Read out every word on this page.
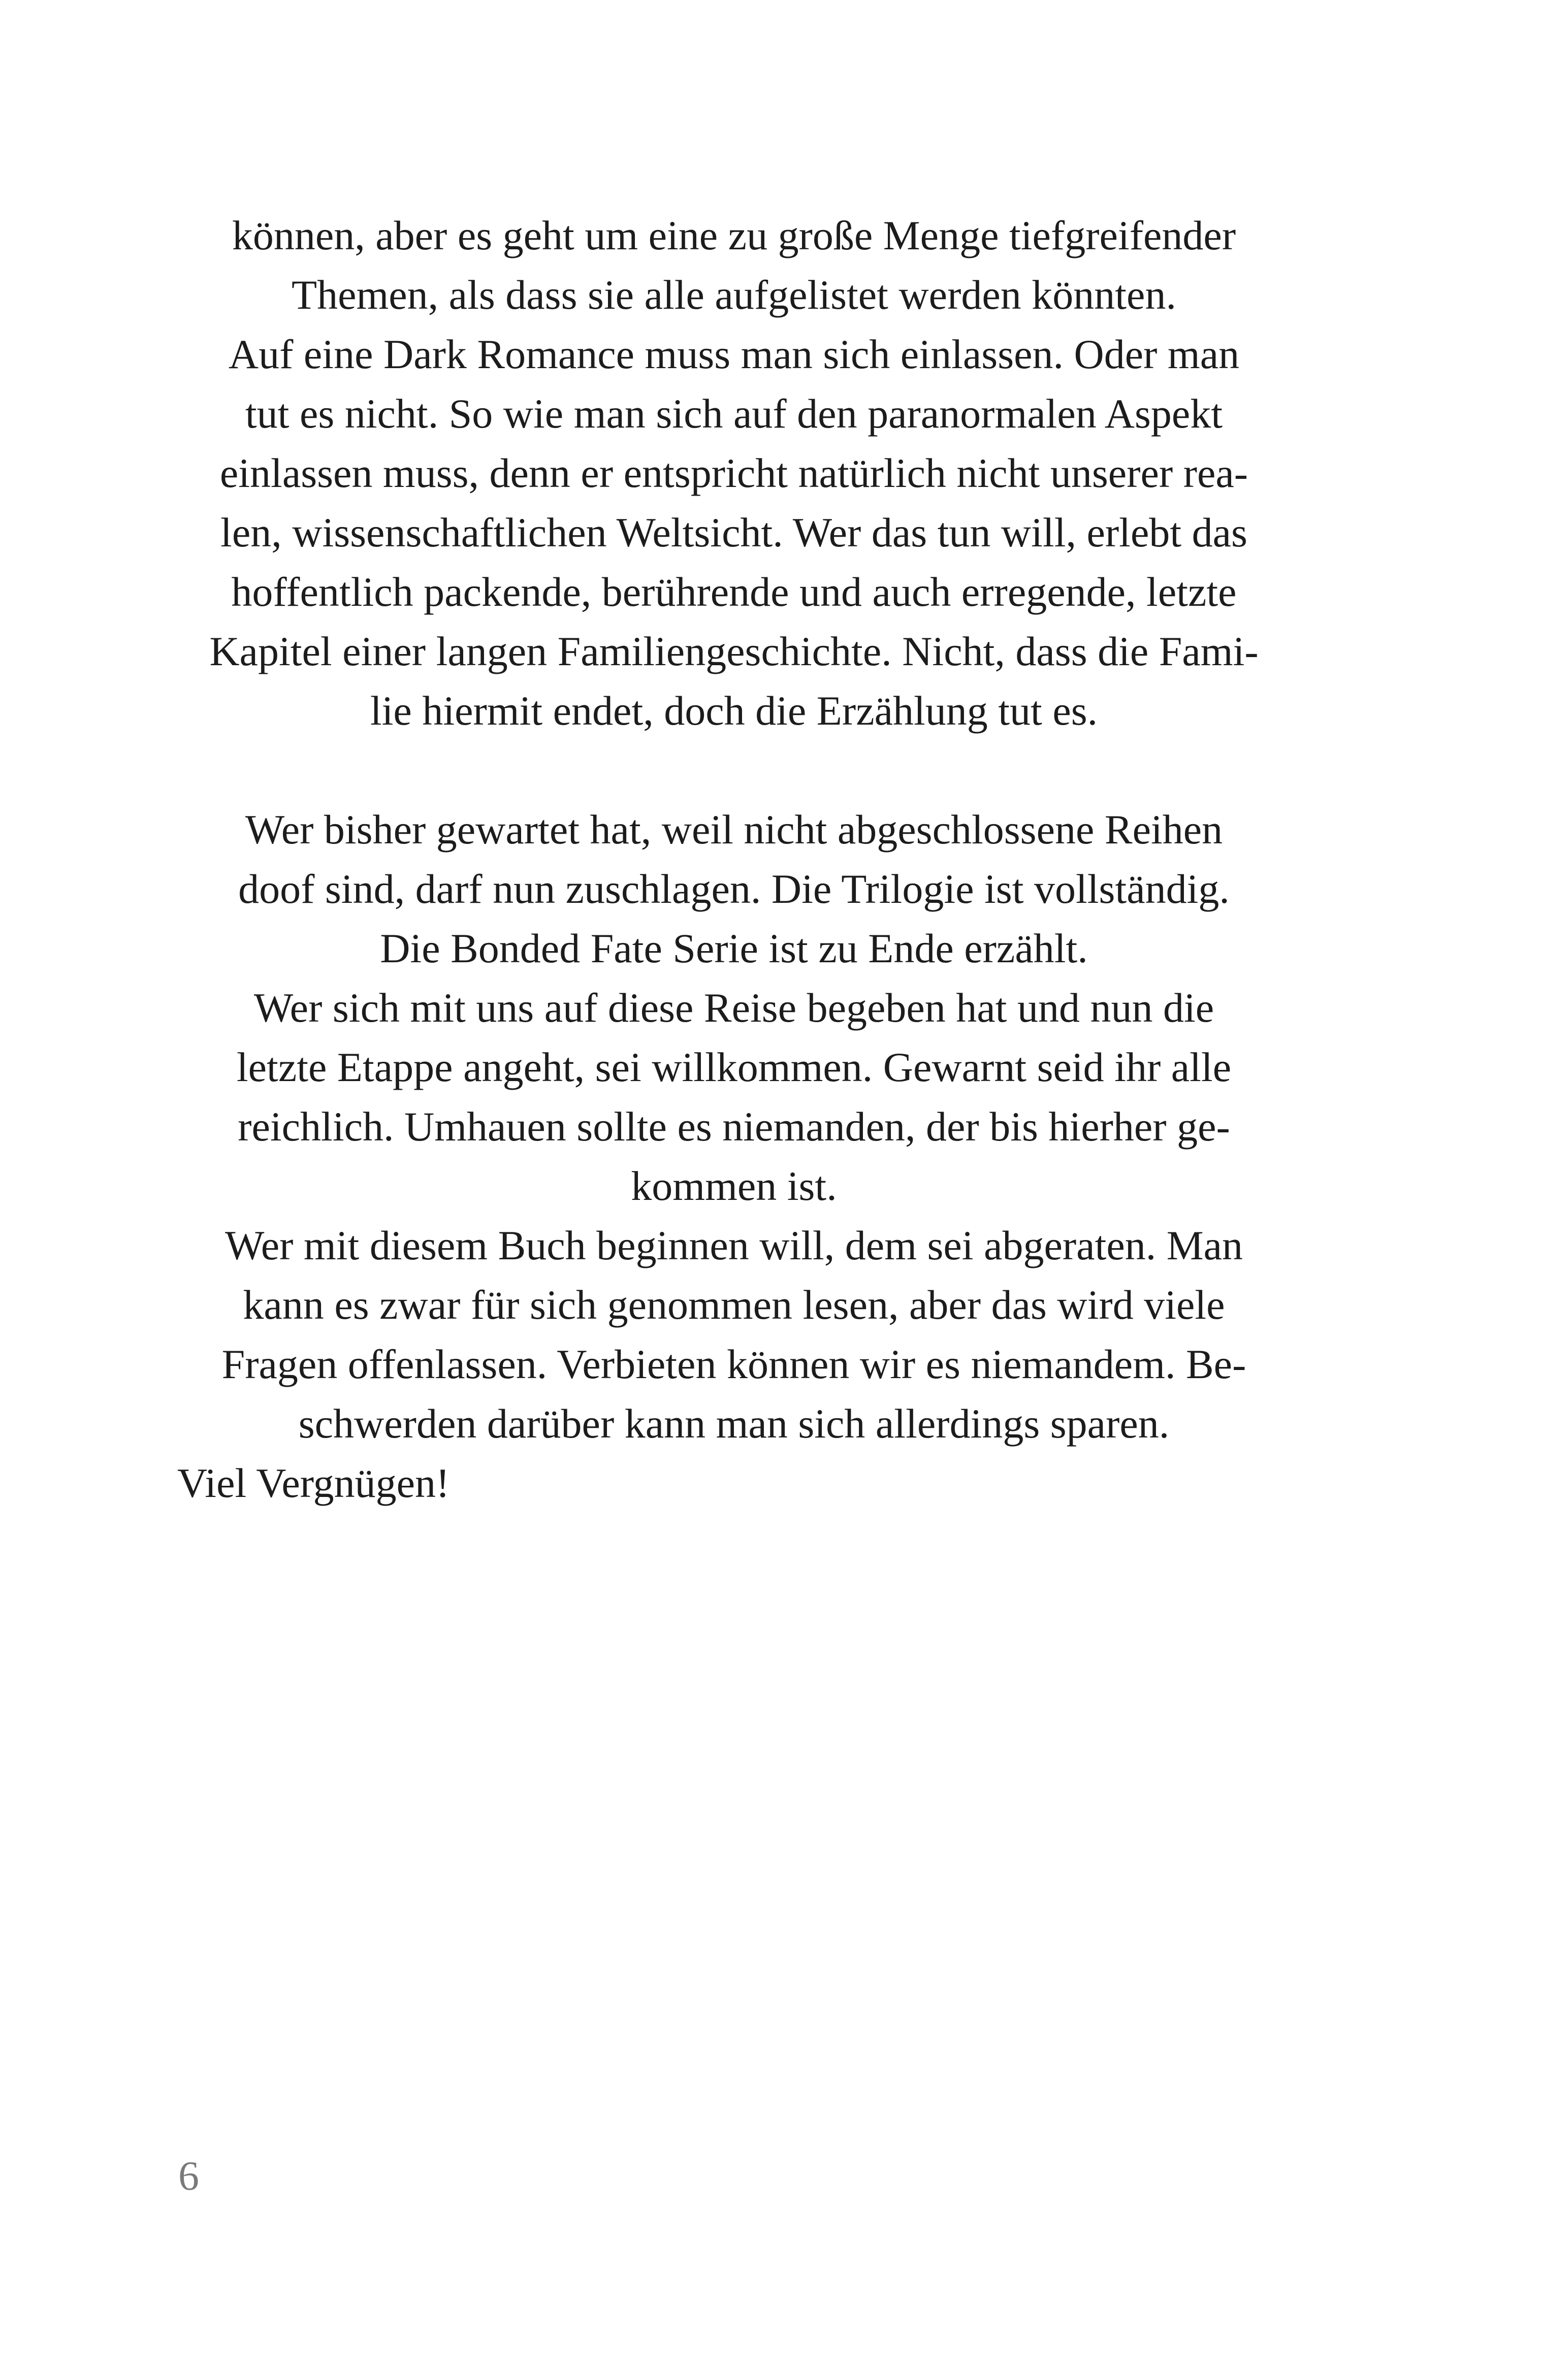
können, aber es geht um eine zu große Menge tiefgreifender
Themen, als dass sie alle aufgelistet werden könnten.
Auf eine Dark Romance muss man sich einlassen. Oder man
tut es nicht. So wie man sich auf den paranormalen Aspekt
einlassen muss, denn er entspricht natürlich nicht unserer rea-
len, wissenschaftlichen Weltsicht. Wer das tun will, erlebt das
hoffentlich packende, berührende und auch erregende, letzte
Kapitel einer langen Familiengeschichte. Nicht, dass die Fami-
lie hiermit endet, doch die Erzählung tut es.
Wer bisher gewartet hat, weil nicht abgeschlossene Reihen
doof sind, darf nun zuschlagen. Die Trilogie ist vollständig.
Die Bonded Fate Serie ist zu Ende erzählt.
Wer sich mit uns auf diese Reise begeben hat und nun die
letzte Etappe angeht, sei willkommen. Gewarnt seid ihr alle
reichlich. Umhauen sollte es niemanden, der bis hierher ge-
kommen ist.
Wer mit diesem Buch beginnen will, dem sei abgeraten. Man
kann es zwar für sich genommen lesen, aber das wird viele
Fragen offenlassen. Verbieten können wir es niemandem. Be-
schwerden darüber kann man sich allerdings sparen.
Viel Vergnügen!
6
